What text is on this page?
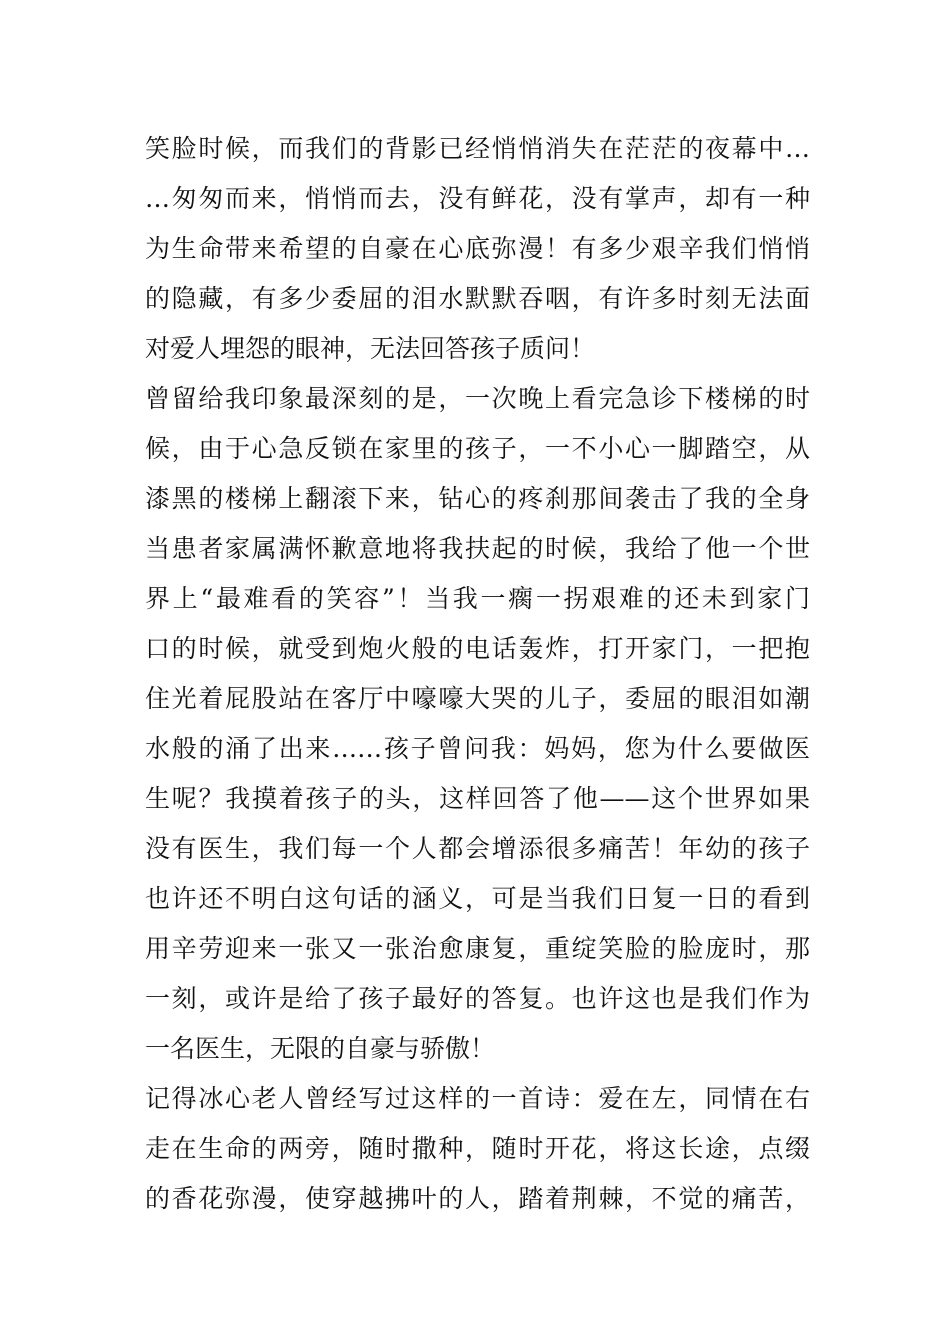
笑脸时候，而我们的背影已经悄悄消失在茫茫的夜幕中…
…匆匆而来，悄悄而去，没有鲜花，没有掌声，却有一种
为生命带来希望的自豪在心底弥漫！有多少艰辛我们悄悄
的隐藏，有多少委屈的泪水默默吞咽，有许多时刻无法面
对爱人埋怨的眼神，无法回答孩子质问！
曾留给我印象最深刻的是，一次晚上看完急诊下楼梯的时
候，由于心急反锁在家里的孩子，一不小心一脚踏空，从
漆黑的楼梯上翻滚下来，钻心的疼刹那间袭击了我的全身
当患者家属满怀歉意地将我扶起的时候，我给了他一个世
界上“最难看的笑容”！当我一瘸一拐艰难的还未到家门
口的时候，就受到炮火般的电话轰炸，打开家门，一把抱
住光着屁股站在客厅中嚎嚎大哭的儿子，委屈的眼泪如潮
水般的涌了出来……孩子曾问我：妈妈，您为什么要做医
生呢？我摸着孩子的头，这样回答了他——这个世界如果
没有医生，我们每一个人都会增添很多痛苦！年幼的孩子
也许还不明白这句话的涵义，可是当我们日复一日的看到
用辛劳迎来一张又一张治愈康复，重绽笑脸的脸庞时，那
一刻，或许是给了孩子最好的答复。也许这也是我们作为
一名医生，无限的自豪与骄傲！
记得冰心老人曾经写过这样的一首诗：爱在左，同情在右
走在生命的两旁，随时撒种，随时开花，将这长途，点缀
的香花弥漫，使穿越拂叶的人，踏着荆棘，不觉的痛苦，
